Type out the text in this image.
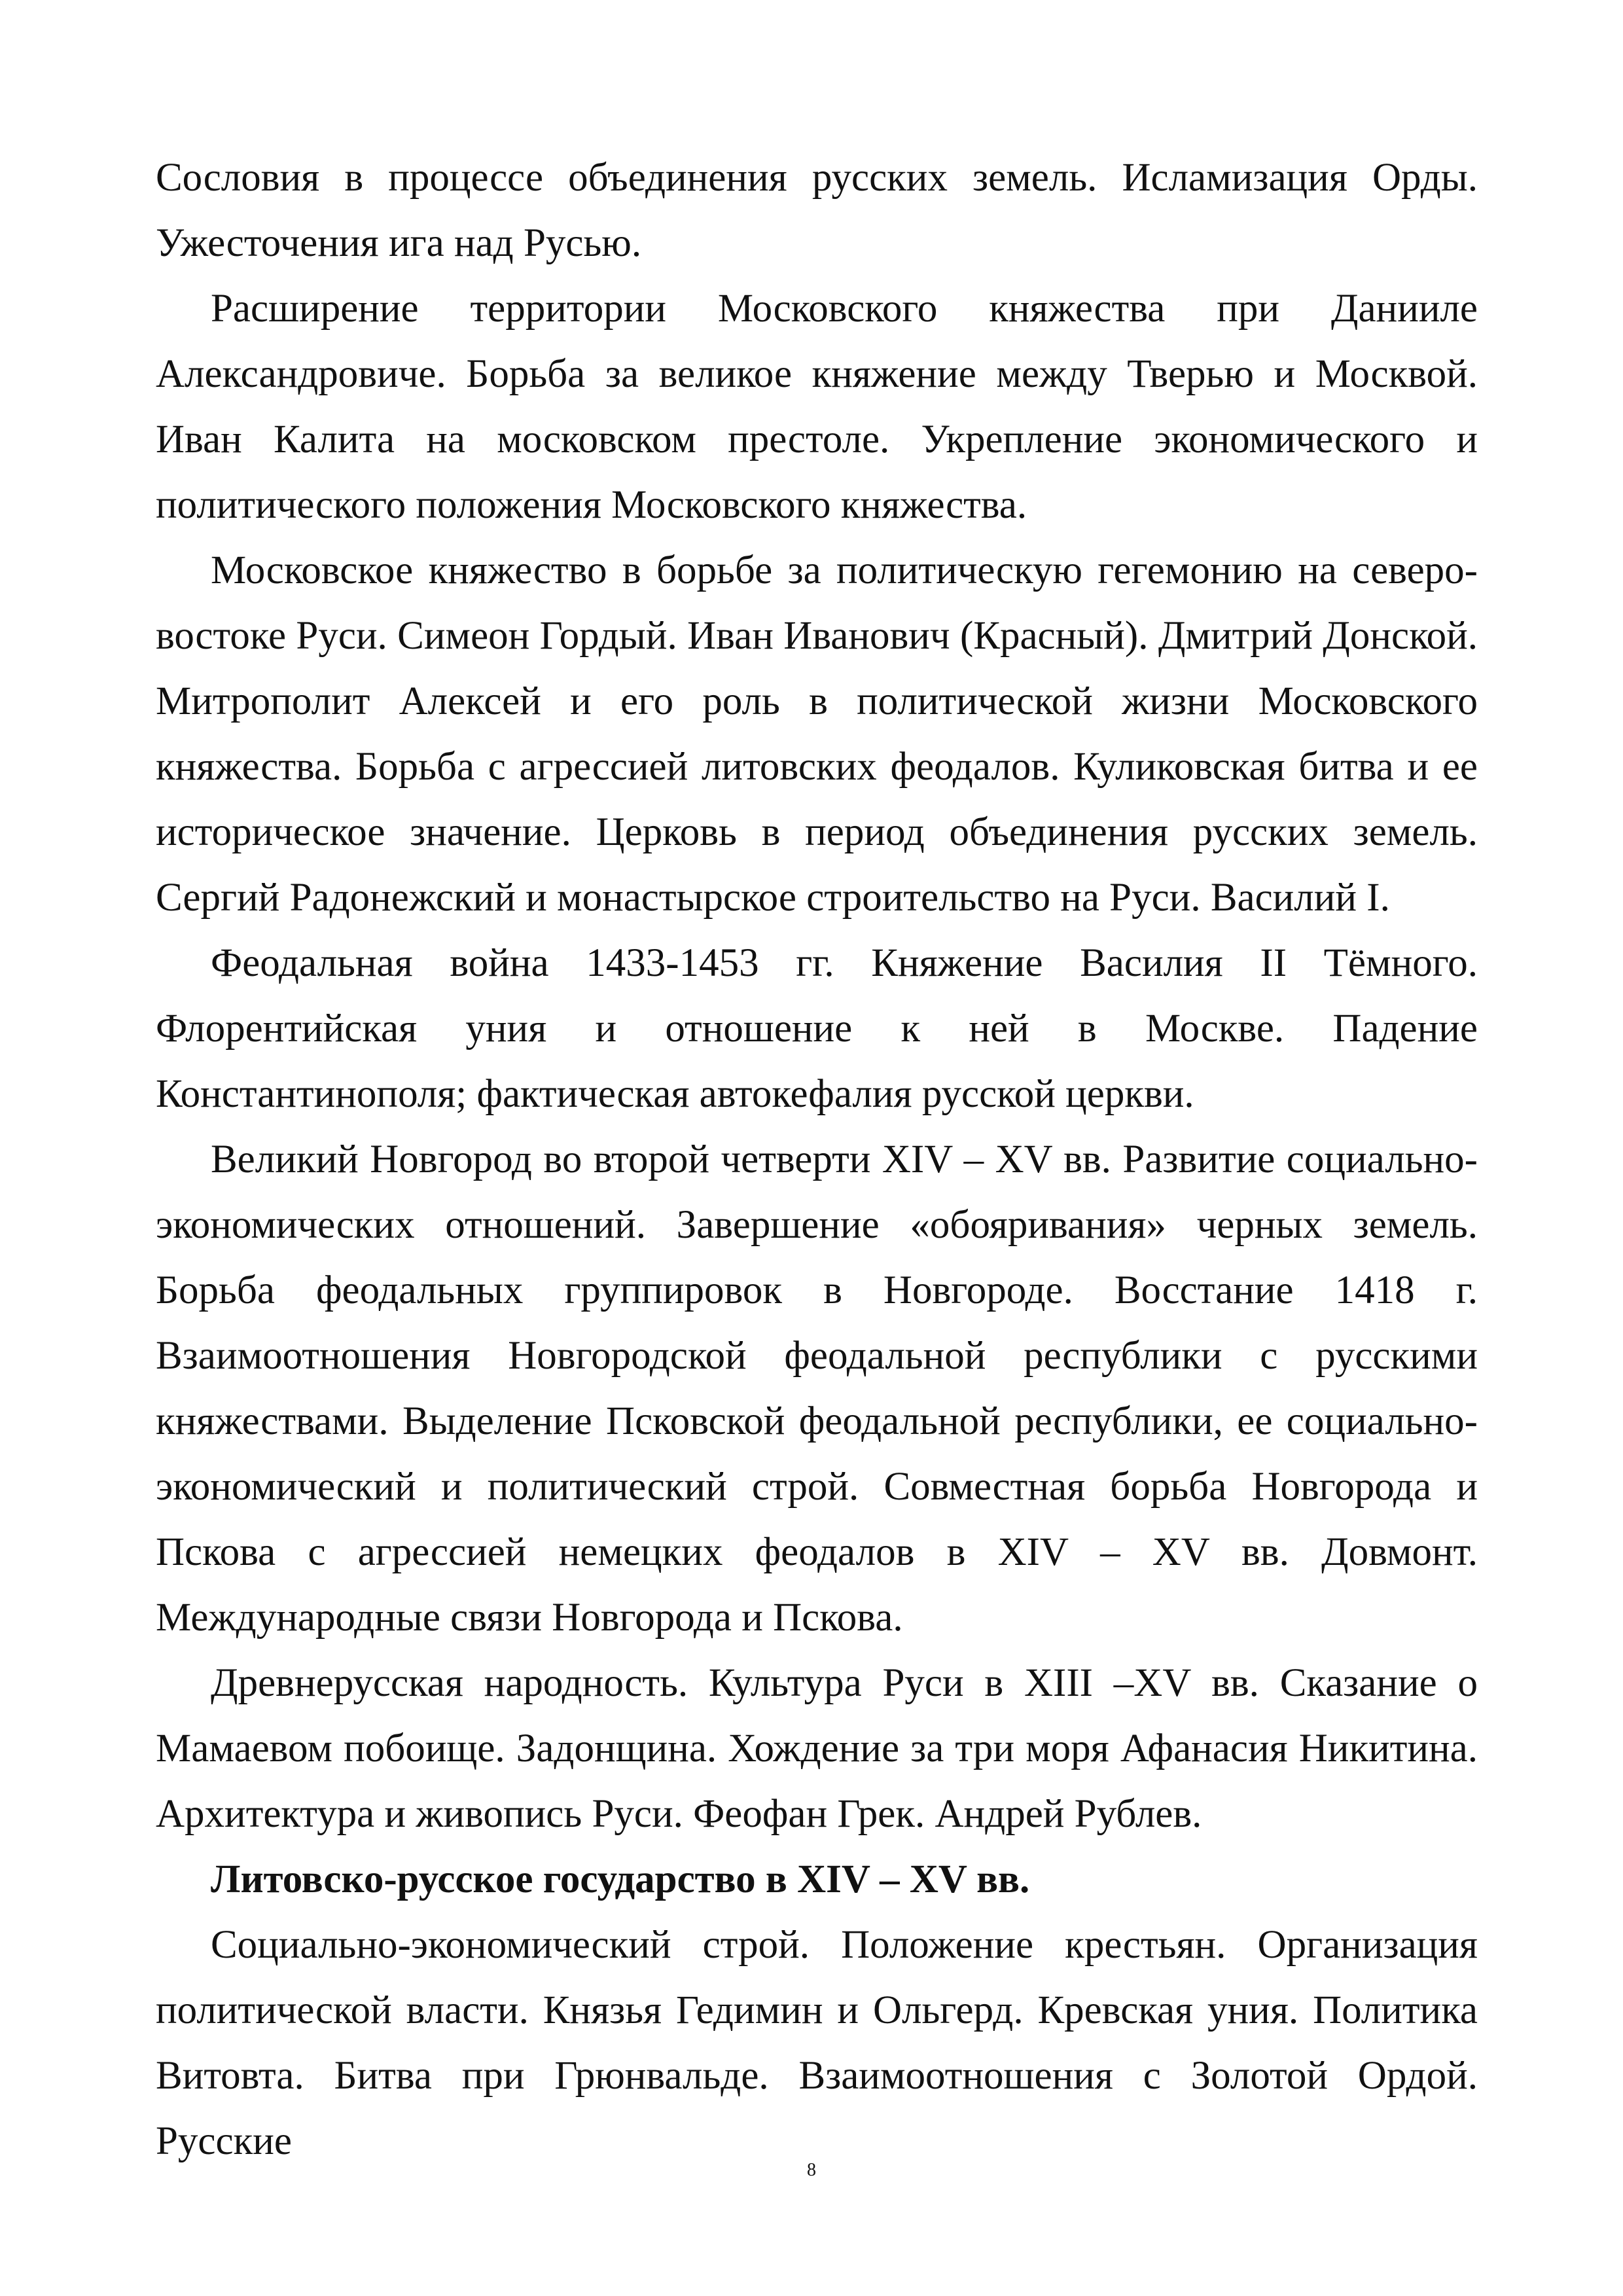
Сословия в процессе объединения русских земель. Исламизация Орды. Ужесточения ига над Русью.

Расширение территории Московского княжества при Данииле Александровиче. Борьба за великое княжение между Тверью и Москвой. Иван Калита на московском престоле. Укрепление экономического и политического положения Московского княжества.

Московское княжество в борьбе за политическую гегемонию на северо-востоке Руси. Симеон Гордый. Иван Иванович (Красный). Дмитрий Донской. Митрополит Алексей и его роль в политической жизни Московского княжества. Борьба с агрессией литовских феодалов. Куликовская битва и ее историческое значение. Церковь в период объединения русских земель. Сергий Радонежский и монастырское строительство на Руси. Василий I.

Феодальная война 1433-1453 гг. Княжение Василия II Тёмного. Флорентийская уния и отношение к ней в Москве. Падение Константинополя; фактическая автокефалия русской церкви.

Великий Новгород во второй четверти XIV – XV вв. Развитие социально-экономических отношений. Завершение «обояривания» черных земель. Борьба феодальных группировок в Новгороде. Восстание 1418 г. Взаимоотношения Новгородской феодальной республики с русскими княжествами. Выделение Псковской феодальной республики, ее социально-экономический и политический строй. Совместная борьба Новгорода и Пскова с агрессией немецких феодалов в XIV – XV вв. Довмонт. Международные связи Новгорода и Пскова.

Древнерусская народность. Культура Руси в XIII –XV вв. Сказание о Мамаевом побоище. Задонщина. Хождение за три моря Афанасия Никитина. Архитектура и живопись Руси. Феофан Грек. Андрей Рублев.

Литовско-русское государство в XIV – XV вв.

Социально-экономический строй. Положение крестьян. Организация политической власти. Князья Гедимин и Ольгерд. Кревская уния. Политика Витовта. Битва при Грюнвальде. Взаимоотношения с Золотой Ордой. Русские

8
